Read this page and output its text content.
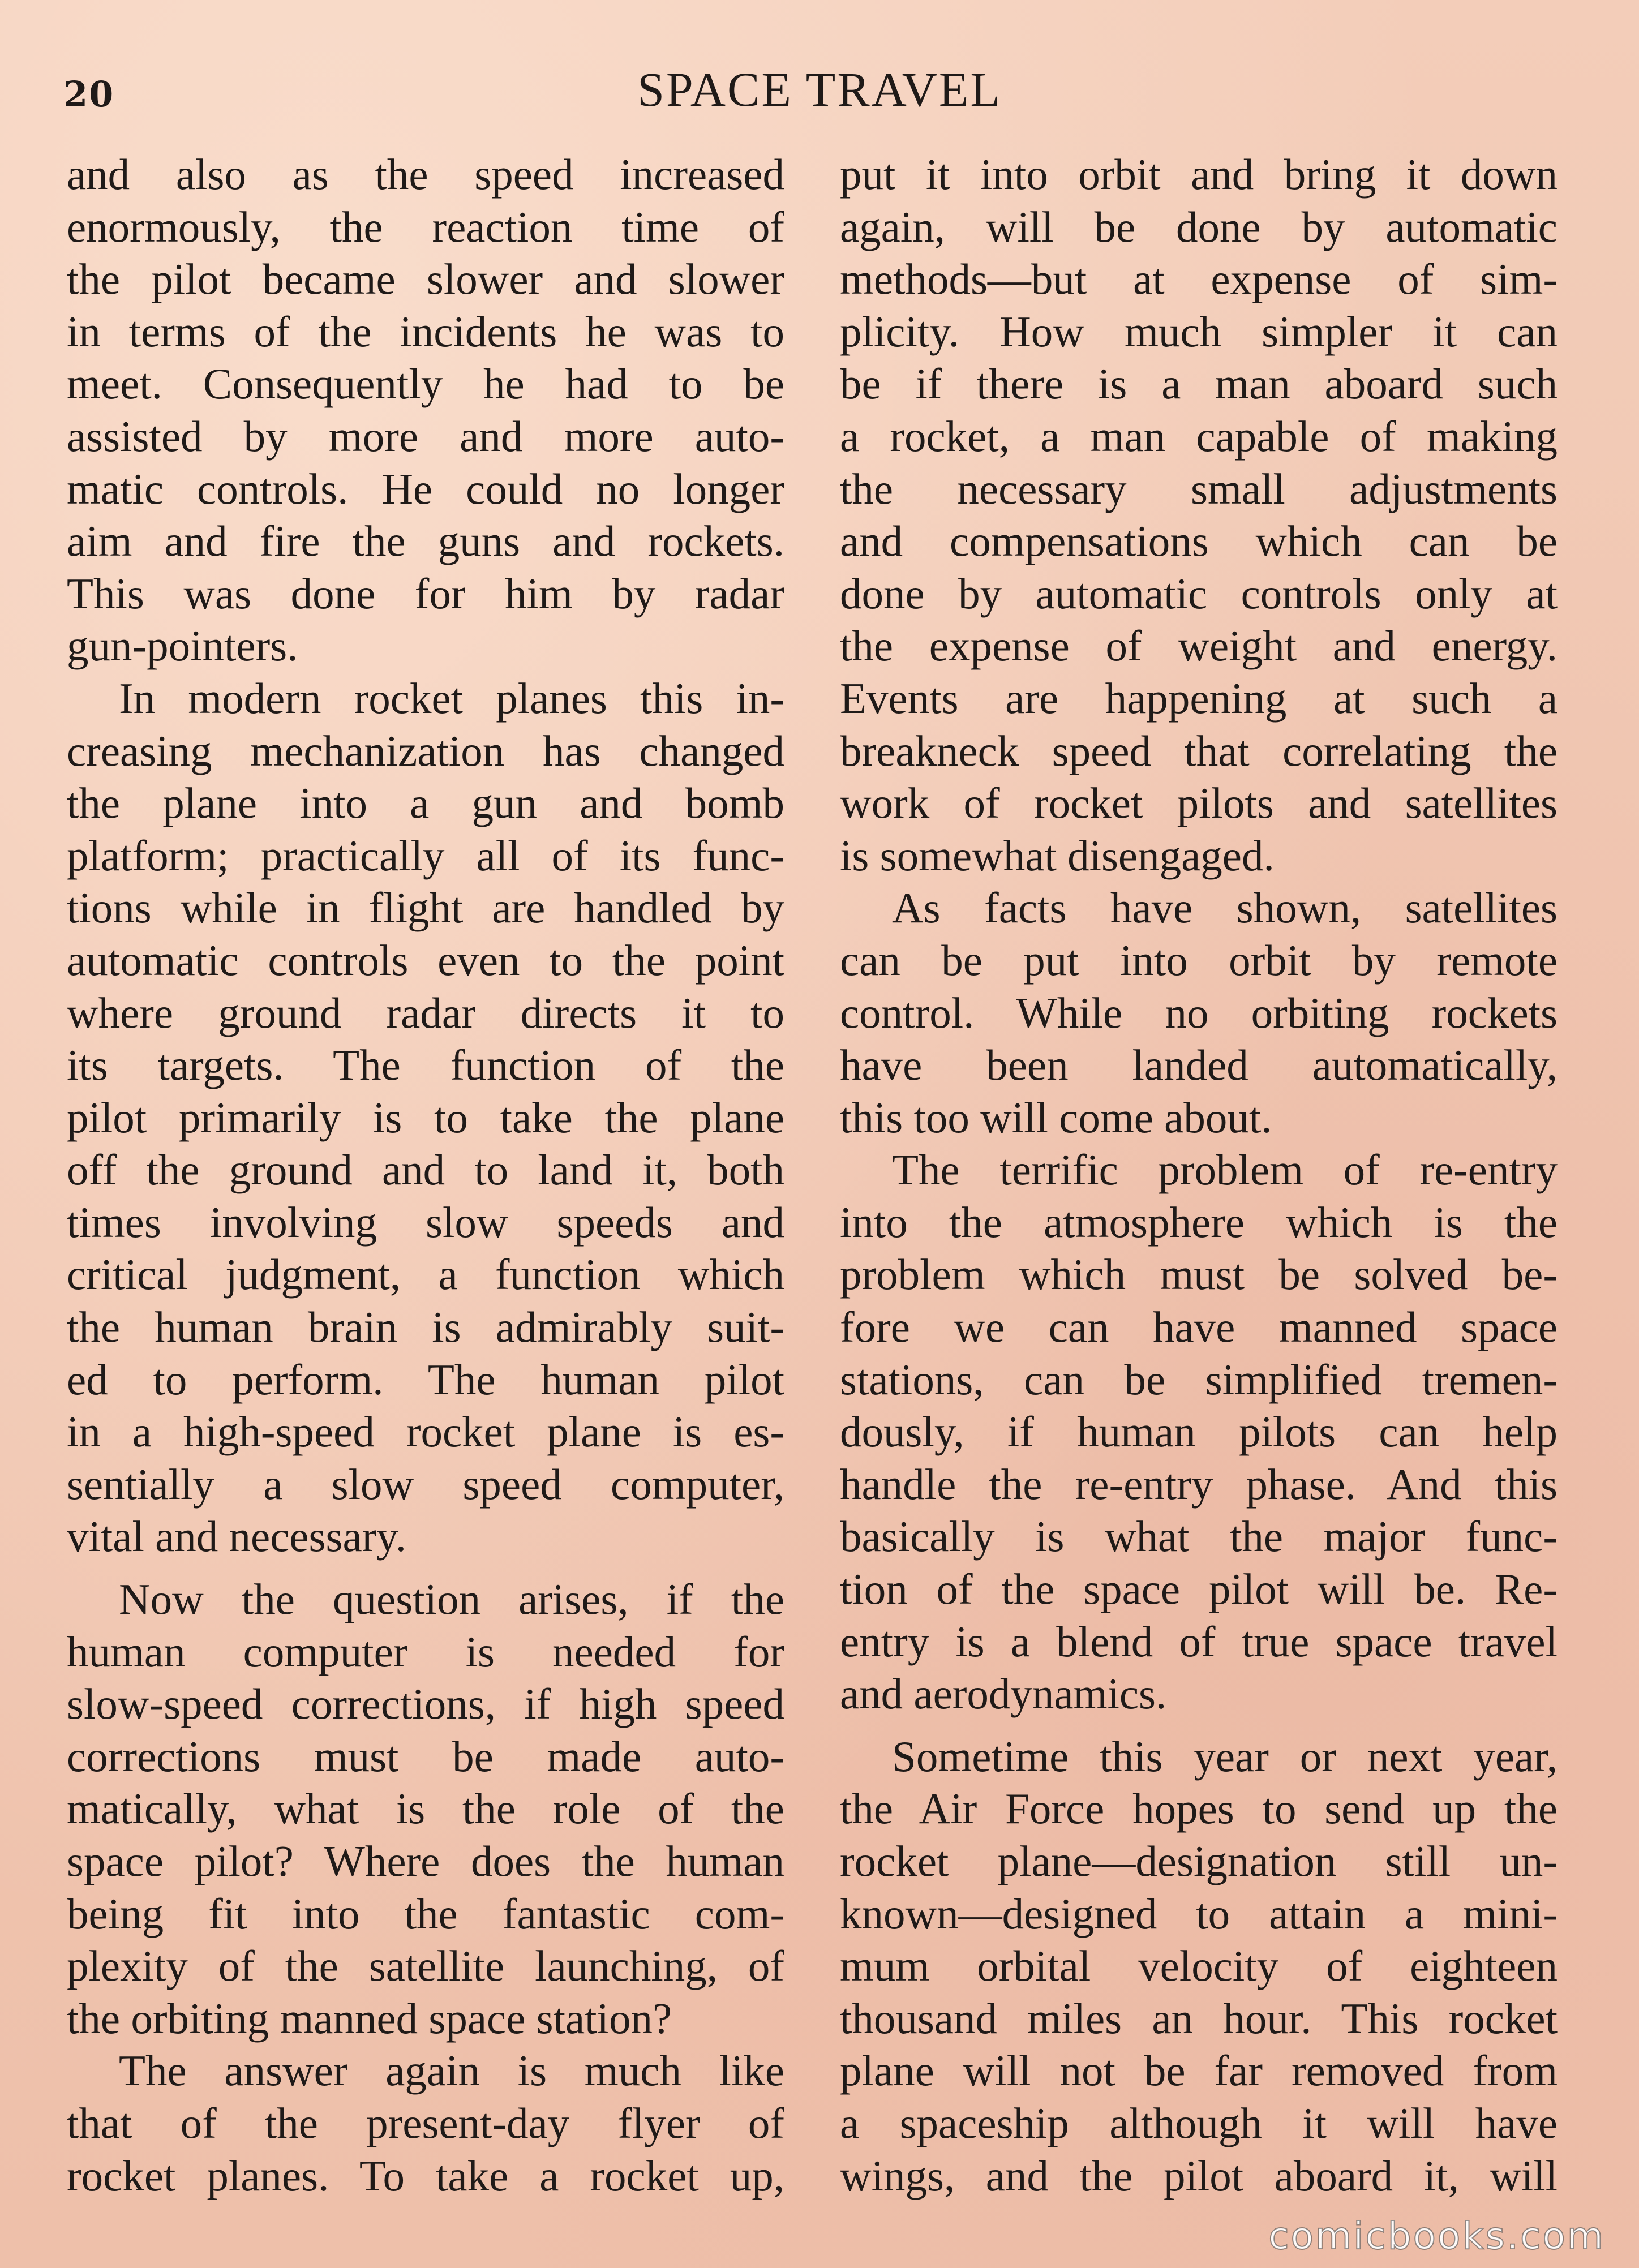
20	SPACE TRAVEL
and also as the speed increased
enormously, the reaction time of
the pilot became slower and slower
in terms of the incidents he was to
meet. Consequently he had to be
assisted by more and more auto-
matic controls. He could no longer
aim and fire the guns and rockets.
This was done for him by radar
gun-pointers.
In modern rocket planes this in-
creasing mechanization has changed
the plane into a gun and bomb
platform; practically all of its func-
tions while in flight are handled by
automatic controls even to the point
where ground radar directs it to
its targets. The function of the
pilot primarily is to take the plane
off the ground and to land it, both
times involving slow speeds and
critical judgment, a function which
the human brain is admirably suit-
ed to perform. The human pilot
in a high-speed rocket plane is es-
sentially a slow speed computer,
vital and necessary.
Now the question arises, if the
human computer is needed for
slow-speed corrections, if high speed
corrections must be made auto-
matically, what is the role of the
space pilot? Where does the human
being fit into the fantastic com-
plexity of the satellite launching, of
the orbiting manned space station?
The answer again is much like
that of the present-day flyer of
rocket planes. To take a rocket up,
put it into orbit and bring it down
again, will be done by automatic
methods—but at expense of sim-
plicity. How much simpler it can
be if there is a man aboard such
a rocket, a man capable of making
the necessary small adjustments
and compensations which can be
done by automatic controls only at
the expense of weight and energy.
Events are happening at such a
breakneck speed that correlating the
work of rocket pilots and satellites
is somewhat disengaged.
As facts have shown, satellites
can be put into orbit by remote
control. While no orbiting rockets
have been landed automatically,
this too will come about.
The terrific problem of re-entry
into the atmosphere which is the
problem which must be solved be-
fore we can have manned space
stations, can be simplified tremen-
dously, if human pilots can help
handle the re-entry phase. And this
basically is what the major func-
tion of the space pilot will be. Re-
entry is a blend of true space travel
and aerodynamics.
Sometime this year or next year,
the Air Force hopes to send up the
rocket plane—designation still un-
known—designed to attain a mini-
mum orbital velocity of eighteen
thousand miles an hour. This rocket
plane will not be far removed from
a spaceship although it will have
wings, and the pilot aboard it, will
comicbooks.com
